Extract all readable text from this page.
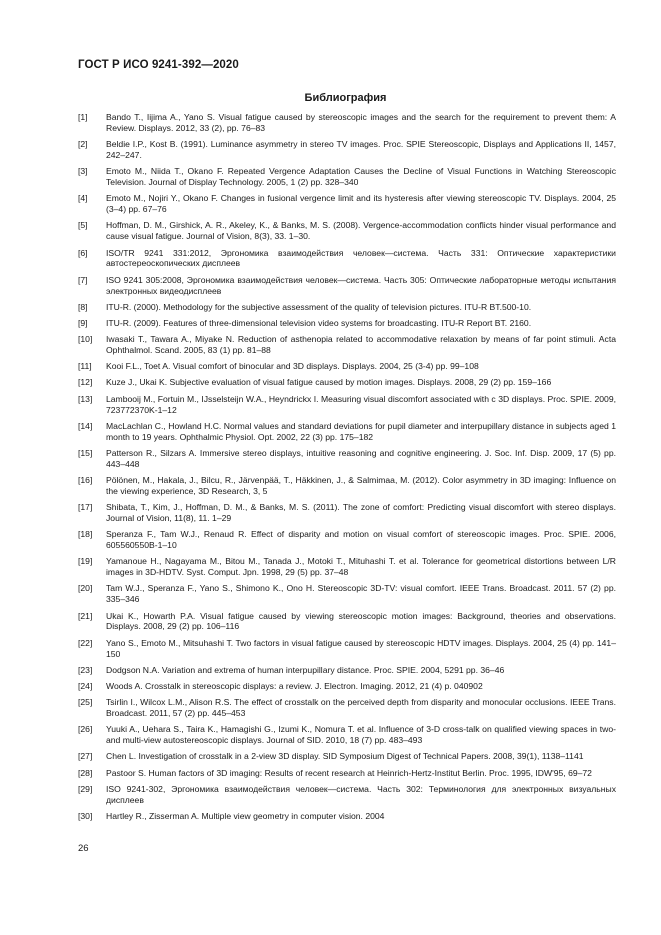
ГОСТ Р ИСО 9241-392—2020
Библиография
[1]	Bando T., Iijima A., Yano S. Visual fatigue caused by stereoscopic images and the search for the requirement to prevent them: A Review. Displays. 2012, 33 (2), pp. 76–83
[2]	Beldie I.P., Kost B. (1991). Luminance asymmetry in stereo TV images. Proc. SPIE Stereoscopic, Displays and Applications II, 1457, 242–247.
[3]	Emoto M., Niida T., Okano F. Repeated Vergence Adaptation Causes the Decline of Visual Functions in Watching Stereoscopic Television. Journal of Display Technology. 2005, 1 (2) pp. 328–340
[4]	Emoto M., Nojiri Y., Okano F. Changes in fusional vergence limit and its hysteresis after viewing stereoscopic TV. Displays. 2004, 25 (3–4) pp. 67–76
[5]	Hoffman, D. M., Girshick, A. R., Akeley, K., & Banks, M. S. (2008). Vergence-accommodation conflicts hinder visual performance and cause visual fatigue. Journal of Vision, 8(3), 33. 1–30.
[6]	ISO/TR 9241 331:2012, Эргономика взаимодействия человек—система. Часть 331: Оптические характеристики автостереоскопических дисплеев
[7]	ISO 9241 305:2008, Эргономика взаимодействия человек—система. Часть 305: Оптические лабораторные методы испытания электронных видеодисплеев
[8]	ITU-R. (2000). Methodology for the subjective assessment of the quality of television pictures. ITU-R BT.500-10.
[9]	ITU-R. (2009). Features of three-dimensional television video systems for broadcasting. ITU-R Report BT. 2160.
[10]	Iwasaki T., Tawara A., Miyake N. Reduction of asthenopia related to accommodative relaxation by means of far point stimuli. Acta Ophthalmol. Scand. 2005, 83 (1) pp. 81–88
[11]	Kooi F.L., Toet A. Visual comfort of binocular and 3D displays. Displays. 2004, 25 (3-4) pp. 99–108
[12]	Kuze J., Ukai K. Subjective evaluation of visual fatigue caused by motion images. Displays. 2008, 29 (2) pp. 159–166
[13]	Lambooij M., Fortuin M., IJsselsteijn W.A., Heyndrickx I. Measuring visual discomfort associated with c 3D displays. Proc. SPIE. 2009, 723772370K-1–12
[14]	MacLachlan C., Howland H.C. Normal values and standard deviations for pupil diameter and interpupillary distance in subjects aged 1 month to 19 years. Ophthalmic Physiol. Opt. 2002, 22 (3) pp. 175–182
[15]	Patterson R., Silzars A. Immersive stereo displays, intuitive reasoning and cognitive engineering. J. Soc. Inf. Disp. 2009, 17 (5) pp. 443–448
[16]	Pölönen, M., Hakala, J., Bilcu, R., Järvenpää, T., Häkkinen, J., & Salmimaa, M. (2012). Color asymmetry in 3D imaging: Influence on the viewing experience, 3D Research, 3, 5
[17]	Shibata, T., Kim, J., Hoffman, D. M., & Banks, M. S. (2011). The zone of comfort: Predicting visual discomfort with stereo displays. Journal of Vision, 11(8), 11. 1–29
[18]	Speranza F., Tam W.J., Renaud R. Effect of disparity and motion on visual comfort of stereoscopic images. Proc. SPIE. 2006, 605560550B-1–10
[19]	Yamanoue H., Nagayama M., Bitou M., Tanada J., Motoki T., Mituhashi T. et al. Tolerance for geometrical distortions between L/R images in 3D-HDTV. Syst. Comput. Jpn. 1998, 29 (5) pp. 37–48
[20]	Tam W.J., Speranza F., Yano S., Shimono K., Ono H. Stereoscopic 3D-TV: visual comfort. IEEE Trans. Broadcast. 2011. 57 (2) pp. 335–346
[21]	Ukai K., Howarth P.A. Visual fatigue caused by viewing stereoscopic motion images: Background, theories and observations. Displays. 2008, 29 (2) pp. 106–116
[22]	Yano S., Emoto M., Mitsuhashi T. Two factors in visual fatigue caused by stereoscopic HDTV images. Displays. 2004, 25 (4) pp. 141–150
[23]	Dodgson N.A. Variation and extrema of human interpupillary distance. Proc. SPIE. 2004, 5291 pp. 36–46
[24]	Woods A. Crosstalk in stereoscopic displays: a review. J. Electron. Imaging. 2012, 21 (4) p. 040902
[25]	Tsirlin I., Wilcox L.M., Alison R.S. The effect of crosstalk on the perceived depth from disparity and monocular occlusions. IEEE Trans. Broadcast. 2011, 57 (2) pp. 445–453
[26]	Yuuki A., Uehara S., Taira K., Hamagishi G., Izumi K., Nomura T. et al. Influence of 3-D cross-talk on qualified viewing spaces in two- and multi-view autostereoscopic displays. Journal of SID. 2010, 18 (7) pp. 483–493
[27]	Chen L. Investigation of crosstalk in a 2-view 3D display. SID Symposium Digest of Technical Papers. 2008, 39(1), 1138–1141
[28]	Pastoor S. Human factors of 3D imaging: Results of recent research at Heinrich-Hertz-Institut Berlin. Proc. 1995, IDW'95, 69–72
[29]	ISO 9241-302, Эргономика взаимодействия человек—система. Часть 302: Терминология для электронных визуальных дисплеев
[30]	Hartley R., Zisserman A. Multiple view geometry in computer vision. 2004
26
